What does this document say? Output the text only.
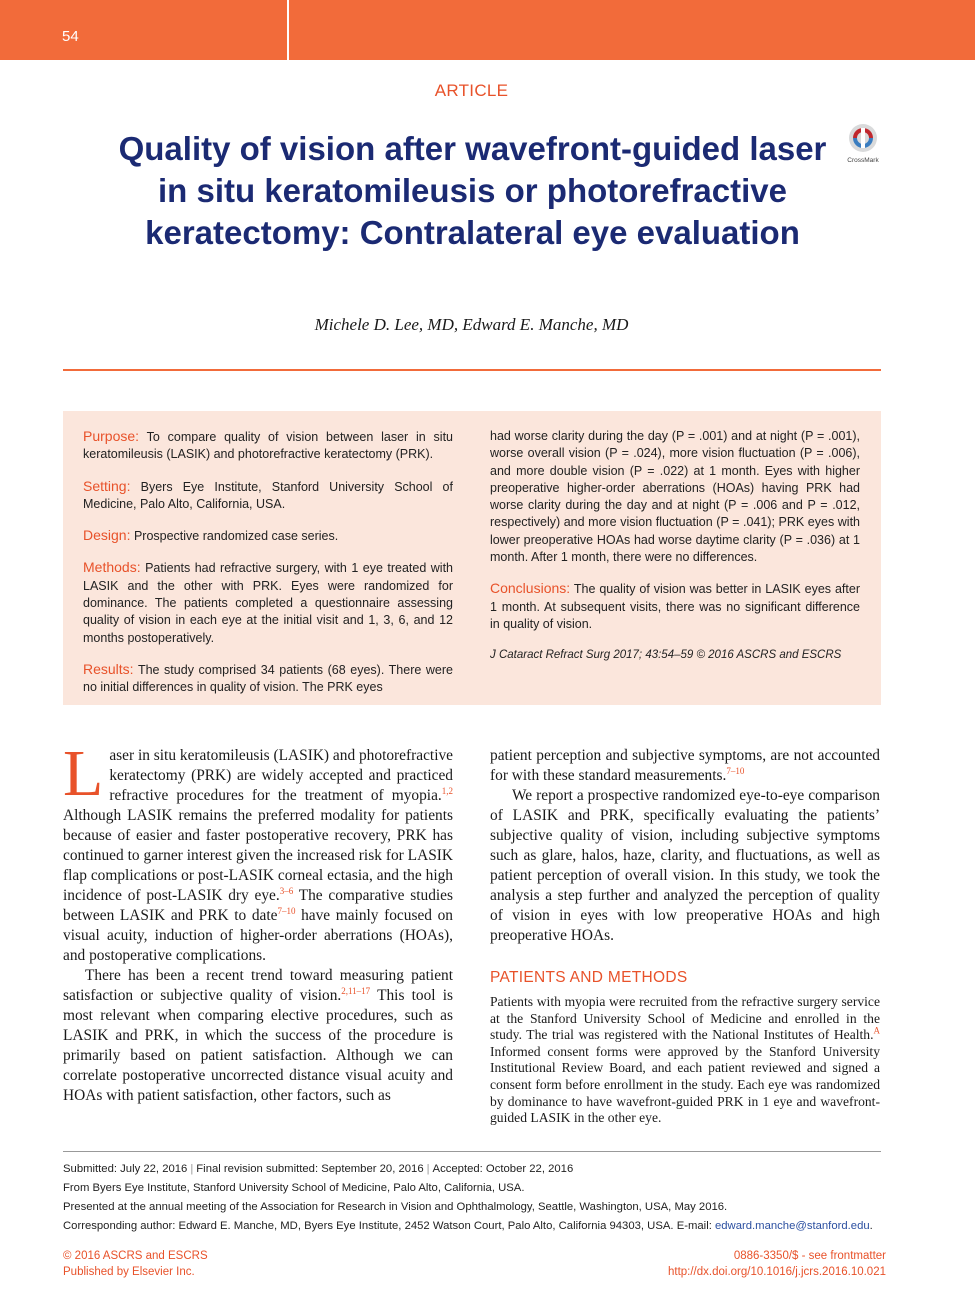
54
ARTICLE
Quality of vision after wavefront-guided laser in situ keratomileusis or photorefractive keratectomy: Contralateral eye evaluation
CrossMark
Michele D. Lee, MD, Edward E. Manche, MD

Purpose: To compare quality of vision between laser in situ keratomileusis (LASIK) and photorefractive keratectomy (PRK).

Setting: Byers Eye Institute, Stanford University School of Medicine, Palo Alto, California, USA.

Design: Prospective randomized case series.

Methods: Patients had refractive surgery, with 1 eye treated with LASIK and the other with PRK. Eyes were randomized for dominance. The patients completed a questionnaire assessing quality of vision in each eye at the initial visit and 1, 3, 6, and 12 months postoperatively.

Results: The study comprised 34 patients (68 eyes). There were no initial differences in quality of vision. The PRK eyes

had worse clarity during the day (P = .001) and at night (P = .001), worse overall vision (P = .024), more vision fluctuation (P = .006), and more double vision (P = .022) at 1 month. Eyes with higher preoperative higher-order aberrations (HOAs) having PRK had worse clarity during the day and at night (P = .006 and P = .012, respectively) and more vision fluctuation (P = .041); PRK eyes with lower preoperative HOAs had worse daytime clarity (P = .036) at 1 month. After 1 month, there were no differences.

Conclusions: The quality of vision was better in LASIK eyes after 1 month. At subsequent visits, there was no significant difference in quality of vision.

J Cataract Refract Surg 2017; 43:54–59 © 2016 ASCRS and ESCRS

Laser in situ keratomileusis (LASIK) and photorefractive keratectomy (PRK) are widely accepted and practiced refractive procedures for the treatment of myopia.$^{1,2}$ Although LASIK remains the preferred modality for patients because of easier and faster postoperative recovery, PRK has continued to garner interest given the increased risk for LASIK flap complications or post-LASIK corneal ectasia, and the high incidence of post-LASIK dry eye.$^{3-6}$ The comparative studies between LASIK and PRK to date$^{7-10}$ have mainly focused on visual acuity, induction of higher-order aberrations (HOAs), and postoperative complications.

There has been a recent trend toward measuring patient satisfaction or subjective quality of vision.$^{2,11-17}$ This tool is most relevant when comparing elective procedures, such as LASIK and PRK, in which the success of the procedure is primarily based on patient satisfaction. Although we can correlate postoperative uncorrected distance visual acuity and HOAs with patient satisfaction, other factors, such as

patient perception and subjective symptoms, are not accounted for with these standard measurements.$^{7-10}$

We report a prospective randomized eye-to-eye comparison of LASIK and PRK, specifically evaluating the patients’ subjective quality of vision, including subjective symptoms such as glare, halos, haze, clarity, and fluctuations, as well as patient perception of overall vision. In this study, we took the analysis a step further and analyzed the perception of quality of vision in eyes with low preoperative HOAs and high preoperative HOAs.

PATIENTS AND METHODS

Patients with myopia were recruited from the refractive surgery service at the Stanford University School of Medicine and enrolled in the study. The trial was registered with the National Institutes of Health.$^A$ Informed consent forms were approved by the Stanford University Institutional Review Board, and each patient reviewed and signed a consent form before enrollment in the study. Each eye was randomized by dominance to have wavefront-guided PRK in 1 eye and wavefront-guided LASIK in the other eye.

Submitted: July 22, 2016 | Final revision submitted: September 20, 2016 | Accepted: October 22, 2016
From Byers Eye Institute, Stanford University School of Medicine, Palo Alto, California, USA.
Presented at the annual meeting of the Association for Research in Vision and Ophthalmology, Seattle, Washington, USA, May 2016.
Corresponding author: Edward E. Manche, MD, Byers Eye Institute, 2452 Watson Court, Palo Alto, California 94303, USA. E-mail: edward.manche@stanford.edu.
© 2016 ASCRS and ESCRS
Published by Elsevier Inc.
0886-3350/$ - see frontmatter
http://dx.doi.org/10.1016/j.jcrs.2016.10.021
